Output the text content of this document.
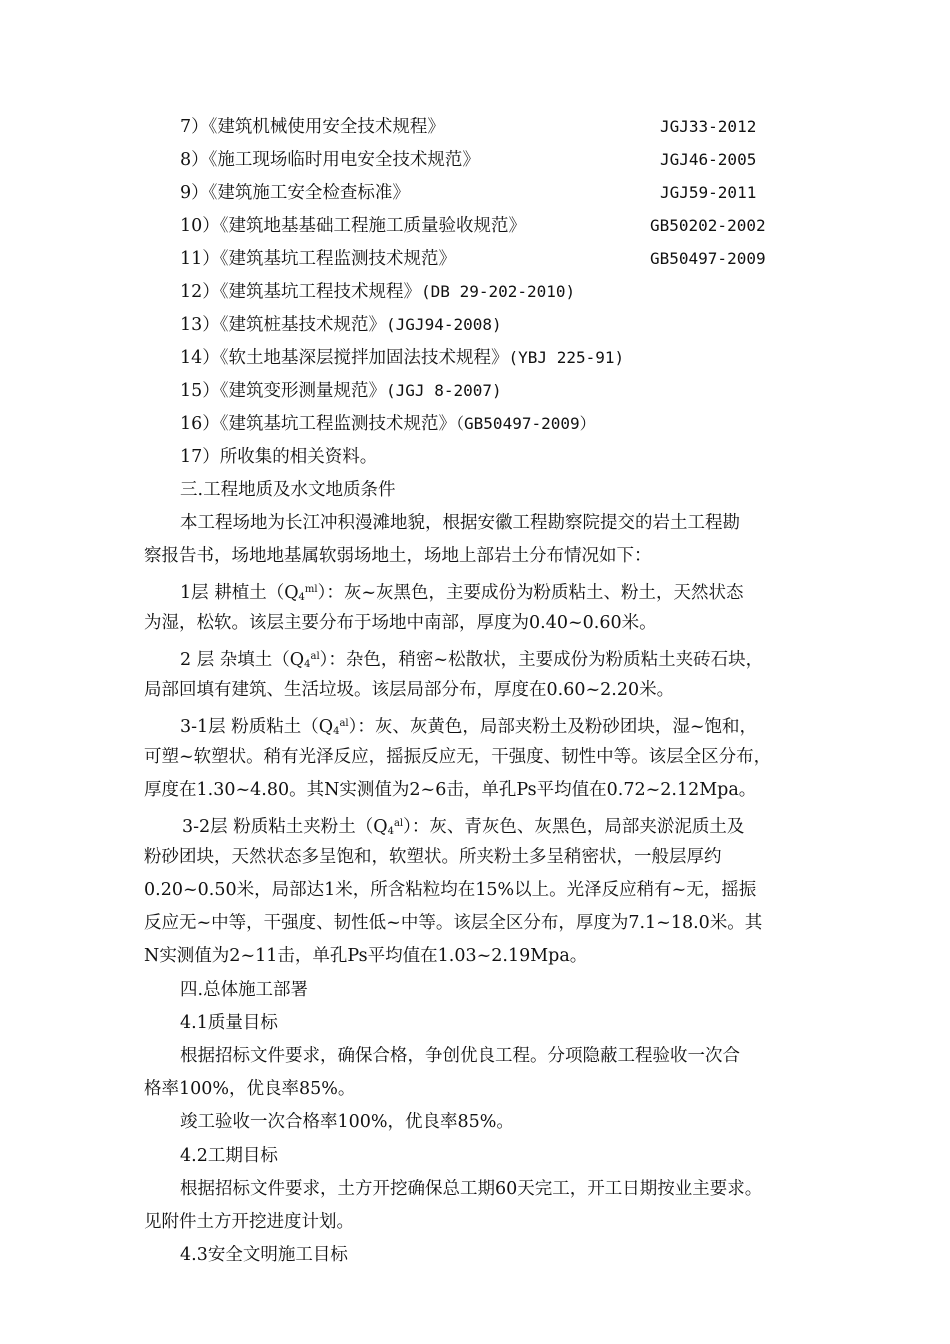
7）《建筑机械使用安全技术规程》	JGJ33-2012
8）《施工现场临时用电安全技术规范》	JGJ46-2005
9）《建筑施工安全检查标准》	JGJ59-2011
10）《建筑地基基础工程施工质量验收规范》	GB50202-2002
11）《建筑基坑工程监测技术规范》	GB50497-2009
12）《建筑基坑工程技术规程》(DB 29-202-2010)
13）《建筑桩基技术规范》(JGJ94-2008)
14）《软土地基深层搅拌加固法技术规程》(YBJ 225-91)
15）《建筑变形测量规范》(JGJ 8-2007)
16）《建筑基坑工程监测技术规范》（GB50497-2009）
17）所收集的相关资料。
三.工程地质及水文地质条件
本工程场地为长江冲积漫滩地貌，根据安徽工程勘察院提交的岩土工程勘
察报告书，场地地基属软弱场地土，场地上部岩土分布情况如下：
1层 耕植土$(Q_4^{ml})$：灰~灰黑色，主要成份为粉质粘土、粉土，天然状态
为湿，松软。该层主要分布于场地中南部，厚度为0.40~0.60米。
2 层 杂填土$(Q_4^{al})$：杂色，稍密~松散状，主要成份为粉质粘土夹砖石块，
局部回填有建筑、生活垃圾。该层局部分布，厚度在0.60~2.20米。
3-1层 粉质粘土$(Q_4^{al})$：灰、灰黄色，局部夹粉土及粉砂团块，湿~饱和，
可塑~软塑状。稍有光泽反应，摇振反应无，干强度、韧性中等。该层全区分布，
厚度在1.30~4.80。其N实测值为2~6击，单孔Ps平均值在0.72~2.12Mpa。
3-2层 粉质粘土夹粉土$(Q_4^{al})$：灰、青灰色、灰黑色，局部夹淤泥质土及
粉砂团块，天然状态多呈饱和，软塑状。所夹粉土多呈稍密状，一般层厚约
0.20~0.50米，局部达1米，所含粘粒均在15%以上。光泽反应稍有~无，摇振
反应无~中等，干强度、韧性低~中等。该层全区分布，厚度为7.1~18.0米。其
N实测值为2~11击，单孔Ps平均值在1.03~2.19Mpa。
四.总体施工部署
4.1质量目标
根据招标文件要求，确保合格，争创优良工程。分项隐蔽工程验收一次合
格率100%，优良率85%。
竣工验收一次合格率100%，优良率85%。
4.2工期目标
根据招标文件要求，土方开挖确保总工期60天完工，开工日期按业主要求。
见附件土方开挖进度计划。
4.3安全文明施工目标
